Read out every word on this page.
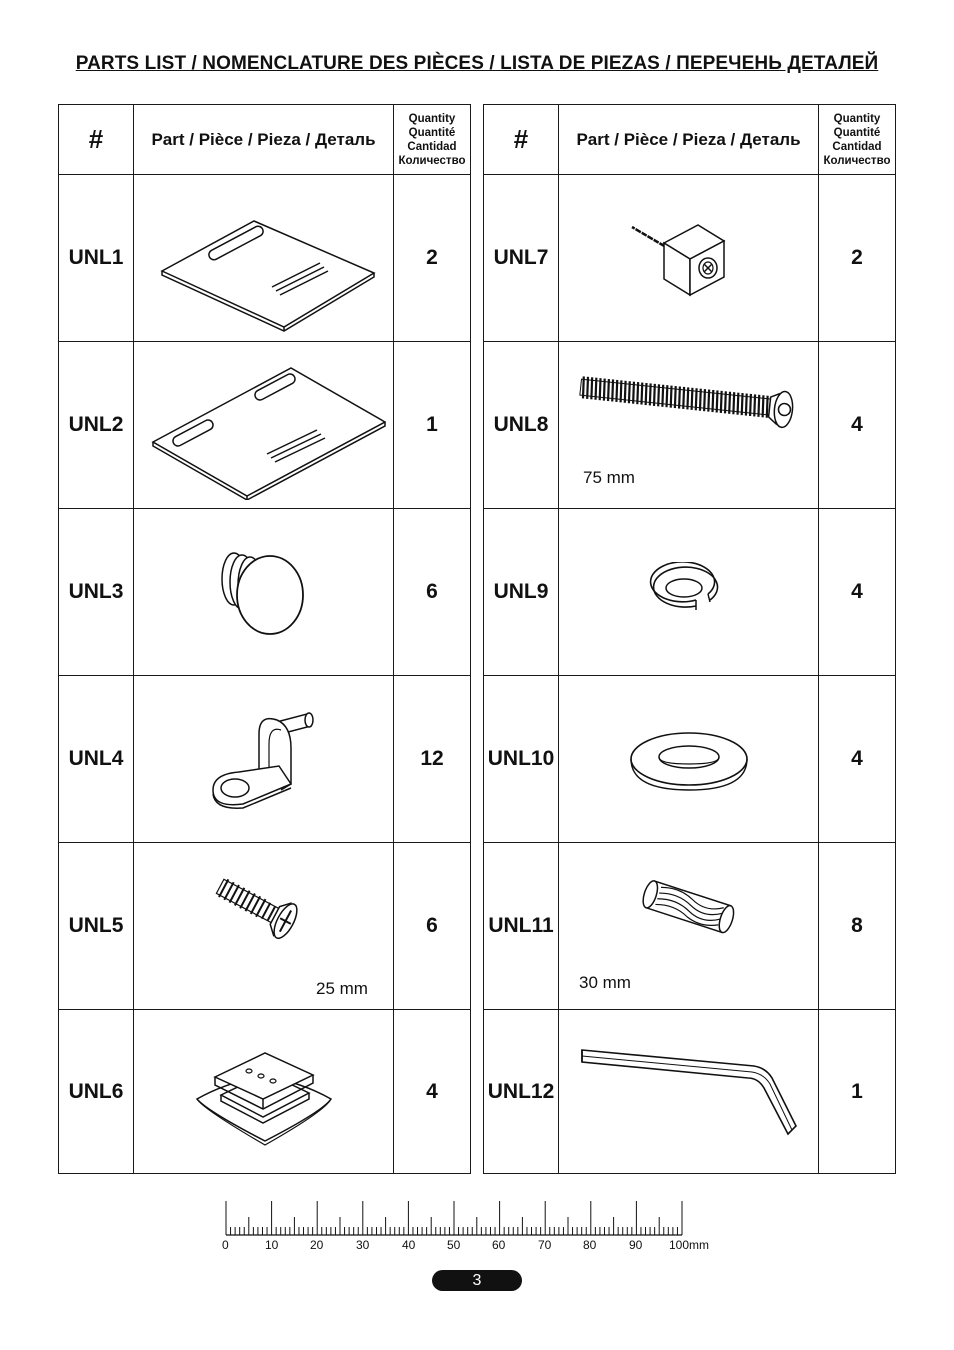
PARTS LIST / NOMENCLATURE DES PIÈCES / LISTA DE PIEZAS / ПЕРЕЧЕНЬ ДЕТАЛЕЙ
#	Part / Pièce / Pieza / Деталь	Quantity
Quantité
Cantidad
Количество

UNL1		2
UNL2		1
UNL3		6
UNL4		12
UNL5	25 mm	6
UNL6		4
#	Part / Pièce / Pieza / Деталь	Quantity
Quantité
Cantidad
Количество

UNL7		2
UNL8	75 mm	4
UNL9		4
UNL10		4
UNL11	30 mm	8
UNL12		1
0	10	20	30	40	50	60	70	80	90 100mm
3
